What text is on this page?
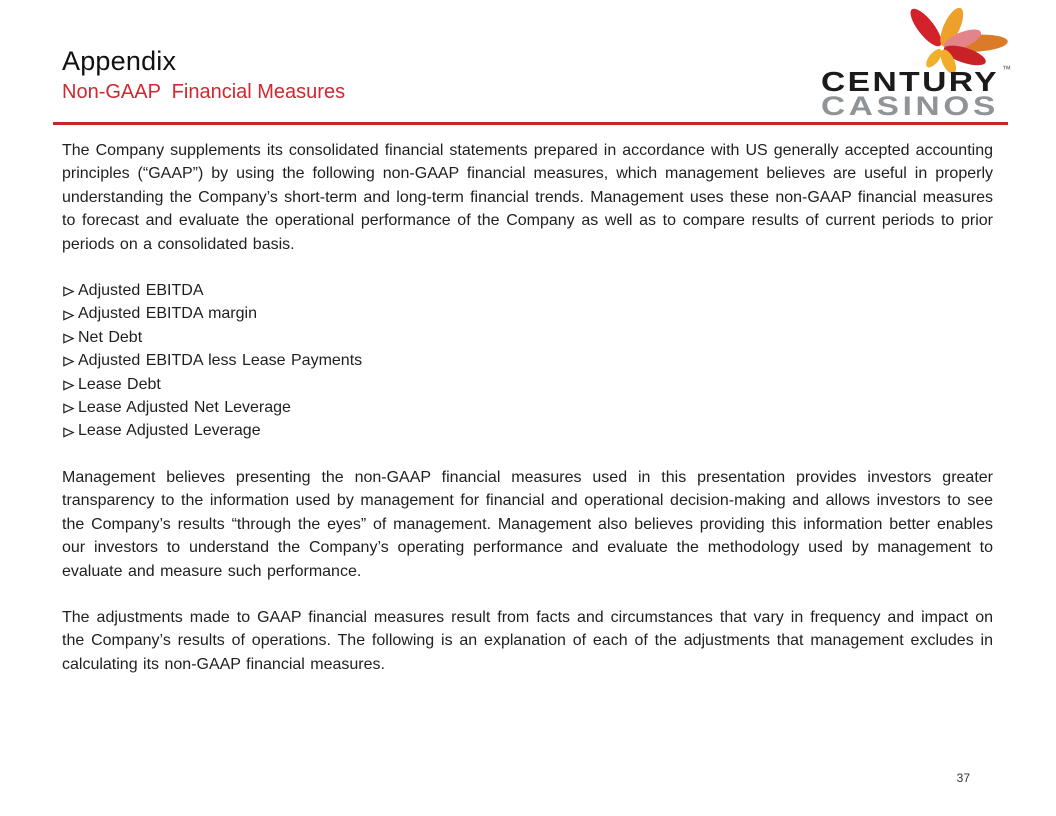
Appendix
Non-GAAP  Financial Measures	CENTURY ™
CASINOS

The Company supplements its consolidated financial statements prepared in accordance with US generally accepted accounting principles (“GAAP”) by using the following non-GAAP financial measures, which management believes are useful in properly understanding the Company’s short-term and long-term financial trends. Management uses these non-GAAP financial measures to forecast and evaluate the operational performance of the Company as well as to compare results of current periods to prior periods on a consolidated basis.

Adjusted EBITDA
Adjusted EBITDA margin
Net Debt
Adjusted EBITDA less Lease Payments
Lease Debt
Lease Adjusted Net Leverage
Lease Adjusted Leverage

Management believes presenting the non-GAAP financial measures used in this presentation provides investors greater transparency to the information used by management for financial and operational decision-making and allows investors to see the Company’s results “through the eyes” of management. Management also believes providing this information better enables our investors to understand the Company’s operating performance and evaluate the methodology used by management to evaluate and measure such performance.

The adjustments made to GAAP financial measures result from facts and circumstances that vary in frequency and impact on the Company’s results of operations. The following is an explanation of each of the adjustments that management excludes in calculating its non-GAAP financial measures.

37
